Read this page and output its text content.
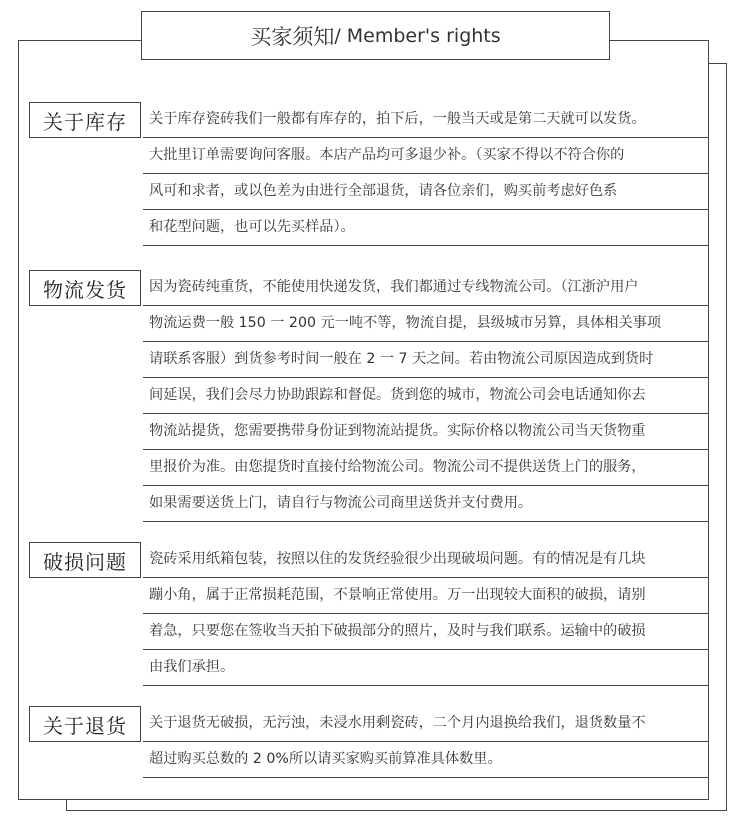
买家须知 / Member's rights
关于库存	关于库存瓷砖我们一般都有库存的，拍下后，一般当天或是第二天就可以发货。
大批里订单需要询问客服。本店产品均可多退少补。（买家不得以不符合你的
风可和求者，或以色差为由进行全部退货，请各位亲们，购买前考虑好色系
和花型问题，也可以先买样品）。
物流发货	因为瓷砖纯重货，不能使用快递发货，我们都通过专线物流公司。（江浙沪用户
物流运费一般 150 一 200 元一吨不等，物流自提，县级城市另算，具体相关事项
请联系客服）到货参考时间一般在 2 一 7 天之间。若由物流公司原因造成到货时
间延误，我们会尽力协助跟踪和督促。货到您的城市，物流公司会电话通知你去
物流站提货，您需要携带身份证到物流站提货。实际价格以物流公司当天货物重
里报价为准。由您提货时直接付给物流公司。物流公司不提供送货上门的服务，
如果需要送货上门，请自行与物流公司商里送货并支付费用。
破损问题	瓷砖采用纸箱包装，按照以住的发货经验很少出现破埙问题。有的情况是有几块
蹦小角，属于正常损耗范围，不景响正常使用。万一出现较大面积的破损，请别
着急，只要您在签收当天拍下破损部分的照片，及时与我们联系。运输中的破损
由我们承担。
关于退货	关于退货无破损，无污浊，未浸水用剩瓷砖，二个月内退换给我们，退货数量不
超过购买总数的 2 0%所以请买家购买前算准具体数里。
